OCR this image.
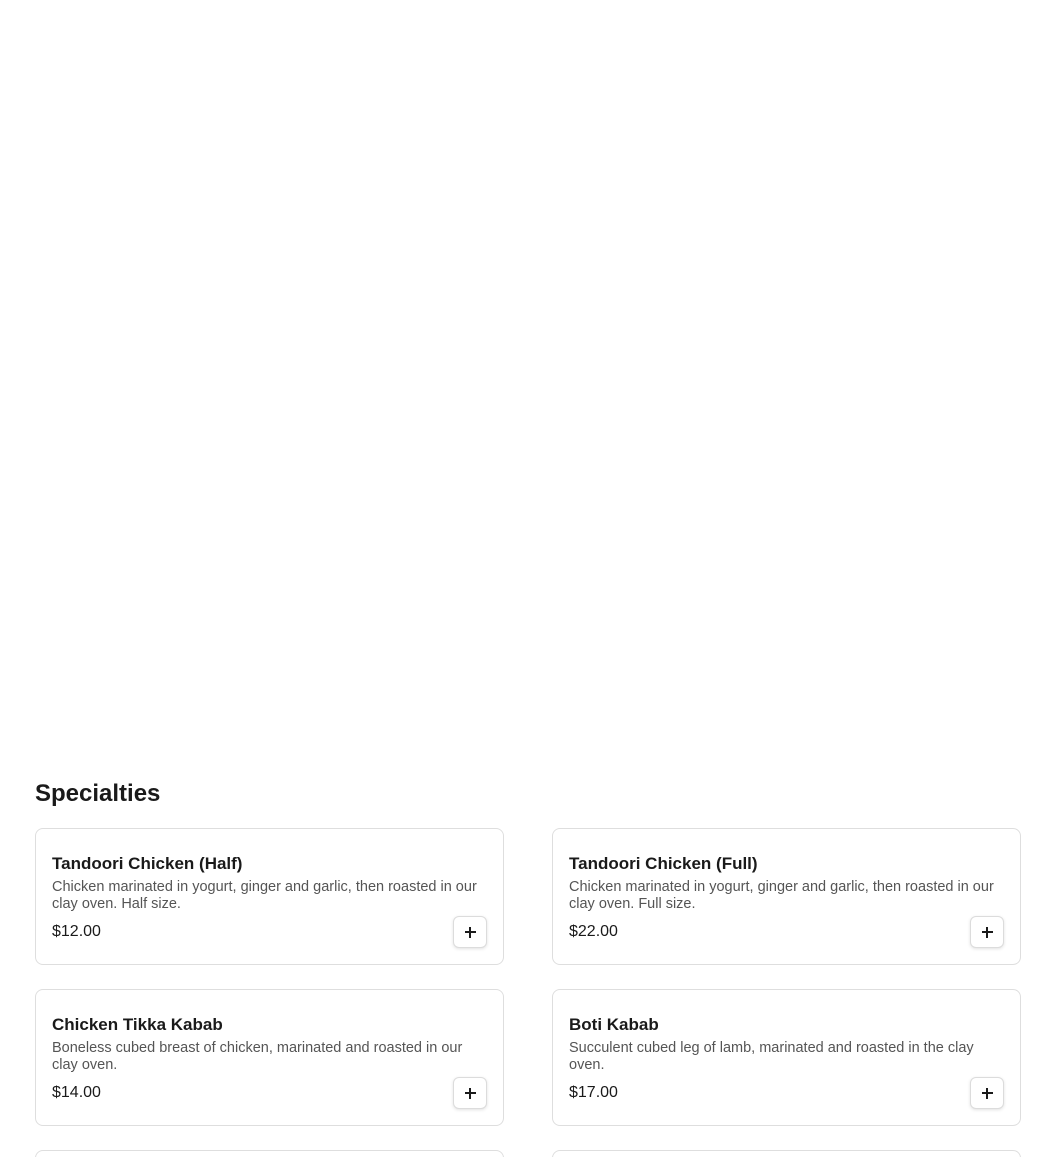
Specialties
Tandoori Chicken (Half)

Chicken marinated in yogurt, ginger and garlic, then roasted in our clay oven. Half size.

$12.00
Tandoori Chicken (Full)

Chicken marinated in yogurt, ginger and garlic, then roasted in our clay oven. Full size.

$22.00
Chicken Tikka Kabab

Boneless cubed breast of chicken, marinated and roasted in our clay oven.

$14.00
Boti Kabab

Succulent cubed leg of lamb, marinated and roasted in the clay oven.

$17.00
